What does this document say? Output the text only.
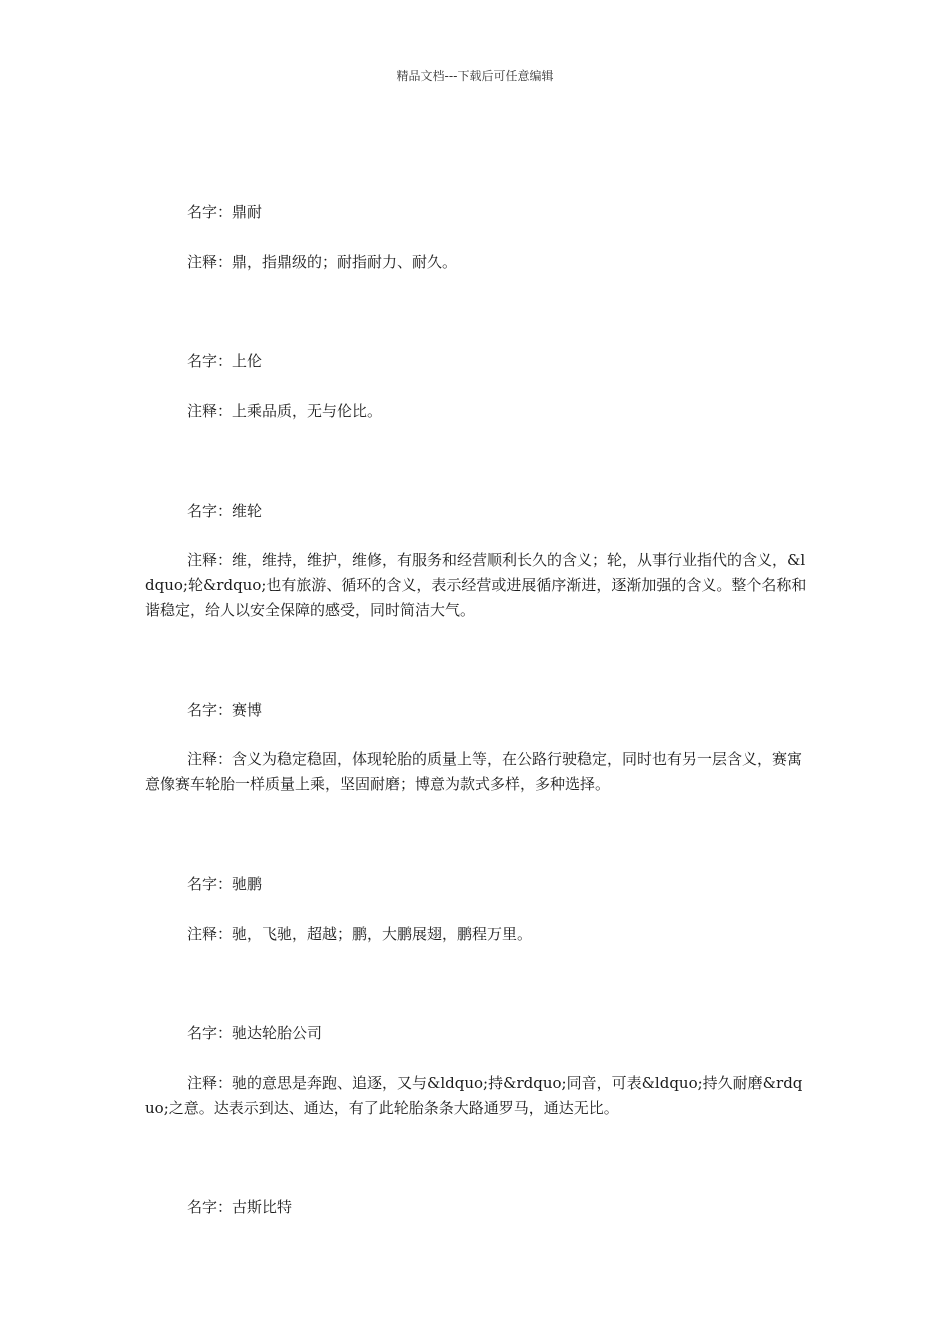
精品文档---下载后可任意编辑
名字：鼎耐
注释：鼎，指鼎级的；耐指耐力、耐久。
名字：上伦
注释：上乘品质，无与伦比。
名字：维轮
注释：维，维持，维护，维修，有服务和经营顺利长久的含义；轮，从事行业指代的含义，&ldquo;轮&rdquo;也有旅游、循环的含义，表示经营或进展循序渐进，逐渐加强的含义。整个名称和谐稳定，给人以安全保障的感受，同时简洁大气。
名字：赛博
注释：含义为稳定稳固，体现轮胎的质量上等，在公路行驶稳定，同时也有另一层含义，赛寓意像赛车轮胎一样质量上乘，坚固耐磨；博意为款式多样，多种选择。
名字：驰鹏
注释：驰，飞驰，超越；鹏，大鹏展翅，鹏程万里。
名字：驰达轮胎公司
注释：驰的意思是奔跑、追逐，又与&ldquo;持&rdquo;同音，可表&ldquo;持久耐磨&rdquo;之意。达表示到达、通达，有了此轮胎条条大路通罗马，通达无比。
名字：古斯比特
